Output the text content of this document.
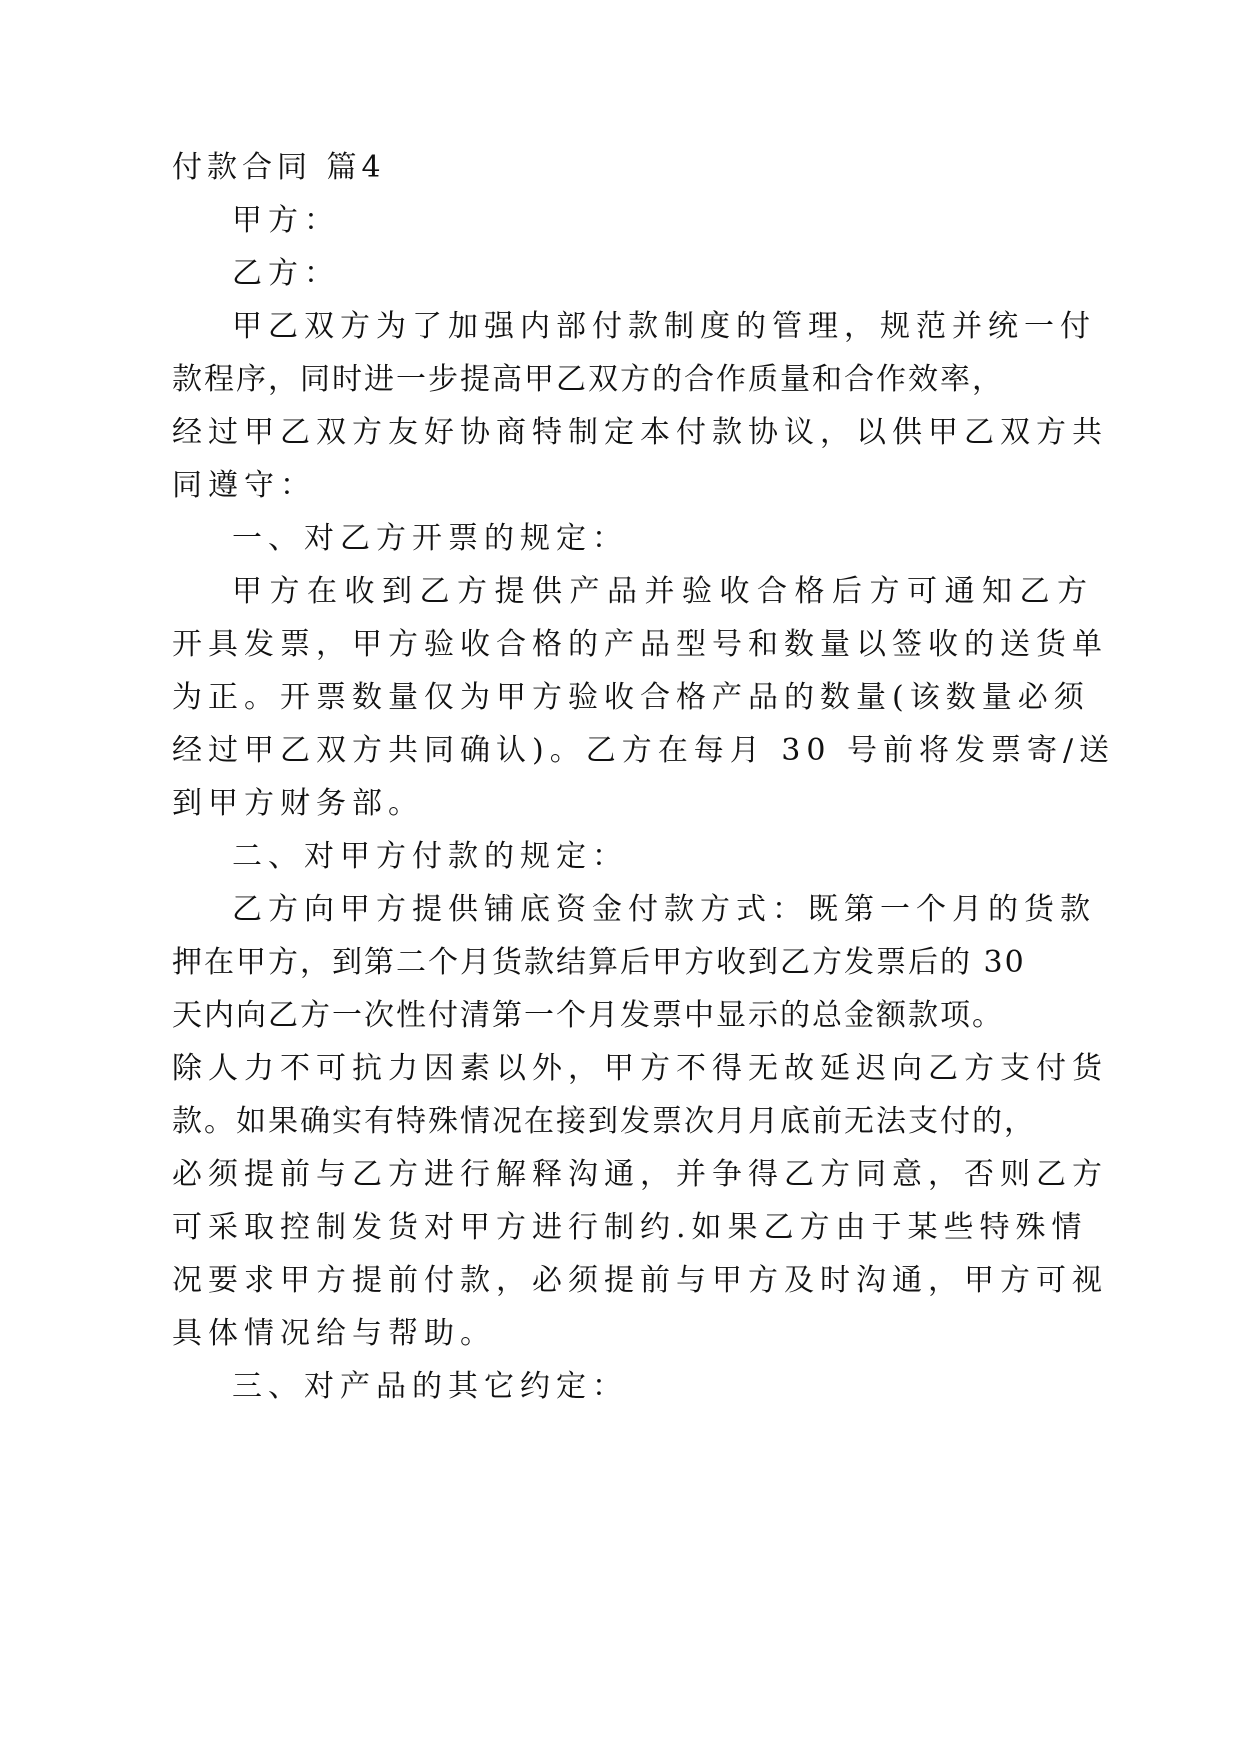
付款合同 篇4
甲方：
乙方：
甲乙双方为了加强内部付款制度的管理，规范并统一付
款程序，同时进一步提高甲乙双方的合作质量和合作效率，
经过甲乙双方友好协商特制定本付款协议，以供甲乙双方共
同遵守：
一、对乙方开票的规定：
甲方在收到乙方提供产品并验收合格后方可通知乙方
开具发票，甲方验收合格的产品型号和数量以签收的送货单
为正。开票数量仅为甲方验收合格产品的数量(该数量必须
经过甲乙双方共同确认)。乙方在每月 30 号前将发票寄/送
到甲方财务部。
二、对甲方付款的规定：
乙方向甲方提供铺底资金付款方式：既第一个月的货款
押在甲方，到第二个月货款结算后甲方收到乙方发票后的 30
天内向乙方一次性付清第一个月发票中显示的总金额款项。
除人力不可抗力因素以外，甲方不得无故延迟向乙方支付货
款。如果确实有特殊情况在接到发票次月月底前无法支付的，
必须提前与乙方进行解释沟通，并争得乙方同意，否则乙方
可采取控制发货对甲方进行制约.如果乙方由于某些特殊情
况要求甲方提前付款，必须提前与甲方及时沟通，甲方可视
具体情况给与帮助。
三、对产品的其它约定：
